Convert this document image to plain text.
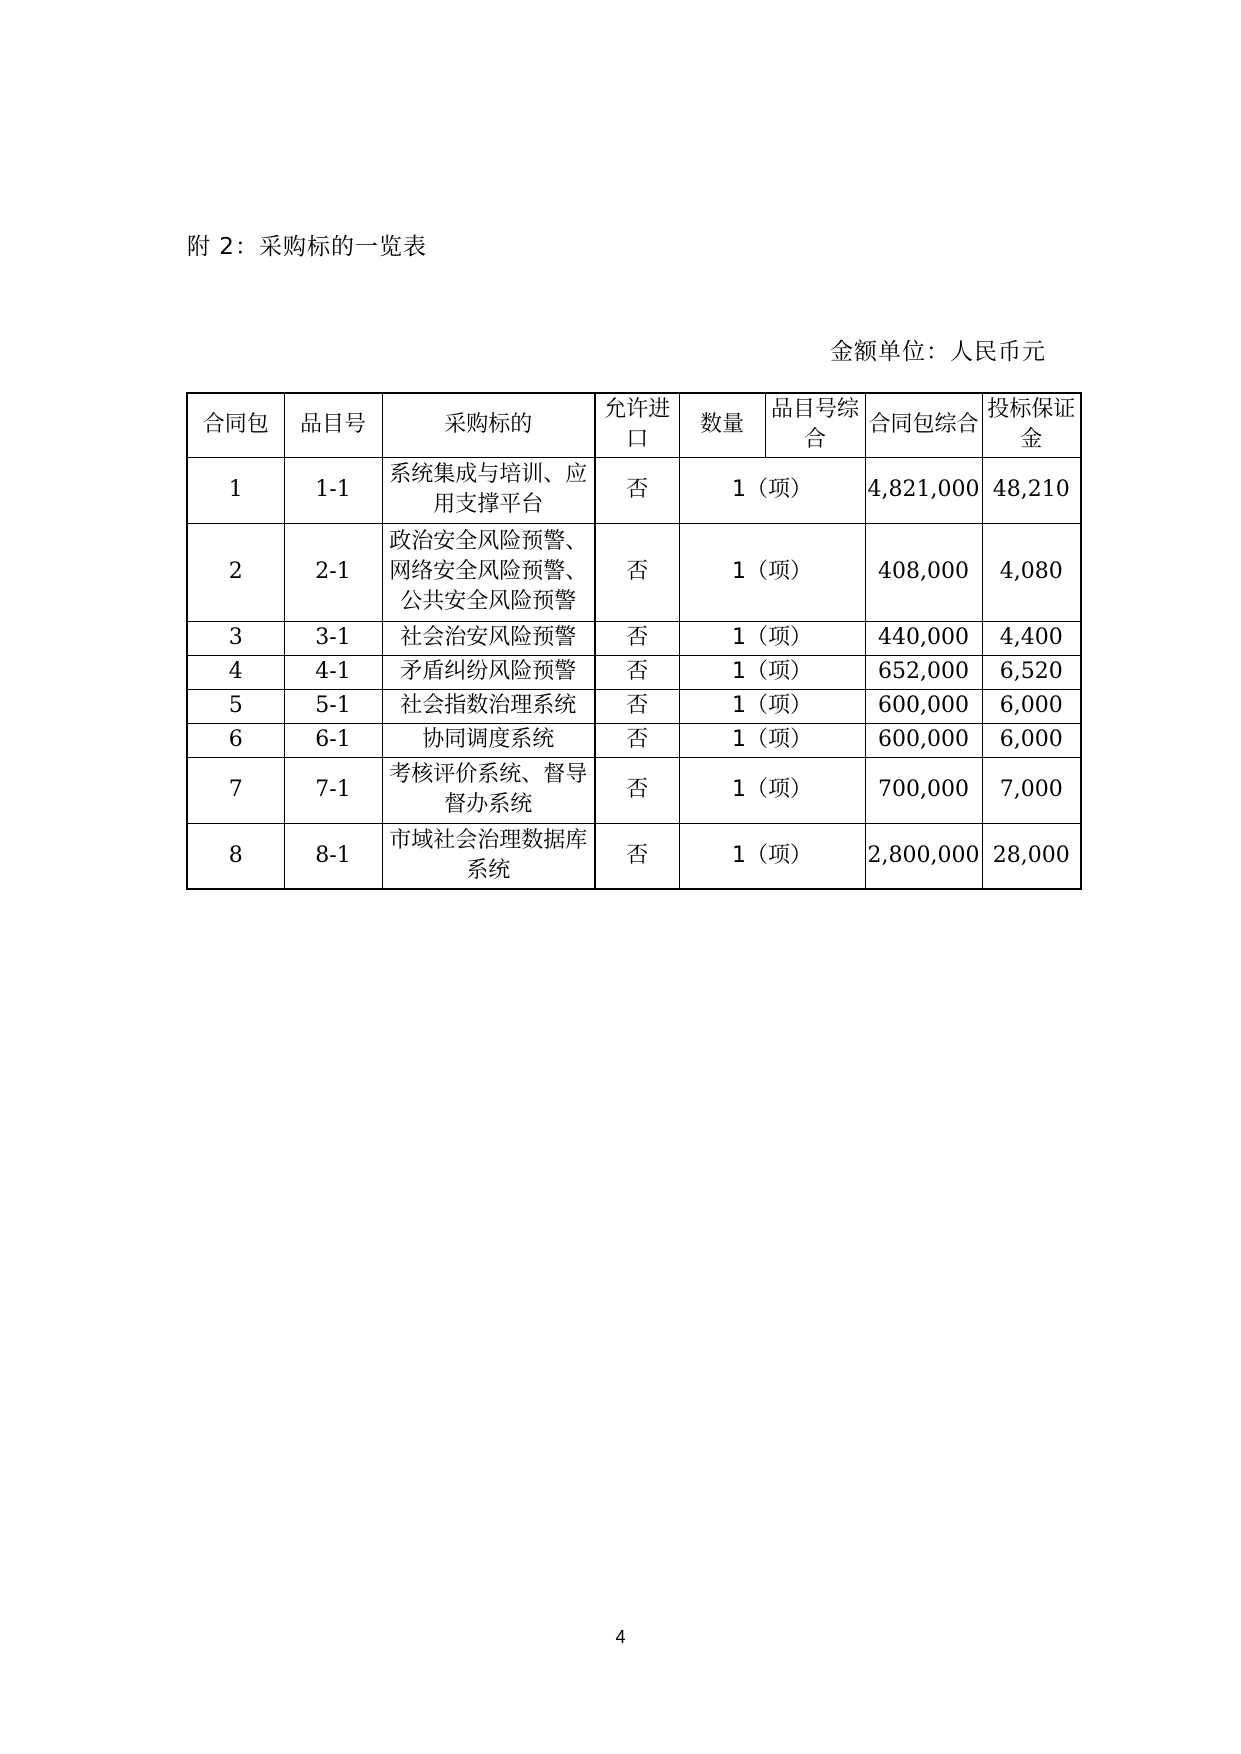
附 2：采购标的一览表
金额单位：人民币元
合同包	品目号	采购标的	允许进口	数量	品目号综合	合同包综合	投标保证金
1	1-1	系统集成与培训、应用支撑平台	否	1（项）		4,821,000	48,210
2	2-1	政治安全风险预警、网络安全风险预警、公共安全风险预警	否	1（项）		408,000	4,080
3	3-1	社会治安风险预警	否	1（项）		440,000	4,400
4	4-1	矛盾纠纷风险预警	否	1（项）		652,000	6,520
5	5-1	社会指数治理系统	否	1（项）		600,000	6,000
6	6-1	协同调度系统	否	1（项）		600,000	6,000
7	7-1	考核评价系统、督导督办系统	否	1（项）		700,000	7,000
8	8-1	市域社会治理数据库系统	否	1（项）		2,800,000	28,000
4
